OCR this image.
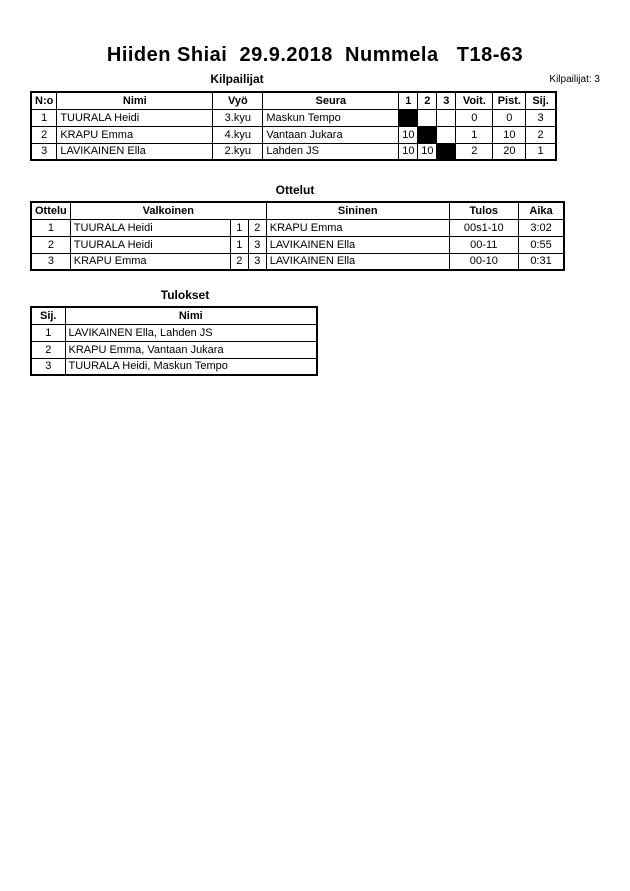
Hiiden Shiai  29.9.2018  Nummela   T18-63
Kilpailijat	Kilpailijat: 3
N:o	Nimi	Vyö	Seura	1	2	3	Voit.	Pist.	Sij.
1	TUURALA Heidi	3.kyu	Maskun Tempo				0	0	3
2	KRAPU Emma	4.kyu	Vantaan Jukara	10			1	10	2
3	LAVIKAINEN Ella	2.kyu	Lahden JS	10	10		2	20	1
Ottelut
Ottelu	Valkoinen			Sininen	Tulos	Aika
1	TUURALA Heidi	1	2	KRAPU Emma	00s1-10	3:02
2	TUURALA Heidi	1	3	LAVIKAINEN Ella	00-11	0:55
3	KRAPU Emma	2	3	LAVIKAINEN Ella	00-10	0:31
Tulokset
Sij.	Nimi
1	LAVIKAINEN Ella, Lahden JS
2	KRAPU Emma, Vantaan Jukara
3	TUURALA Heidi, Maskun Tempo
